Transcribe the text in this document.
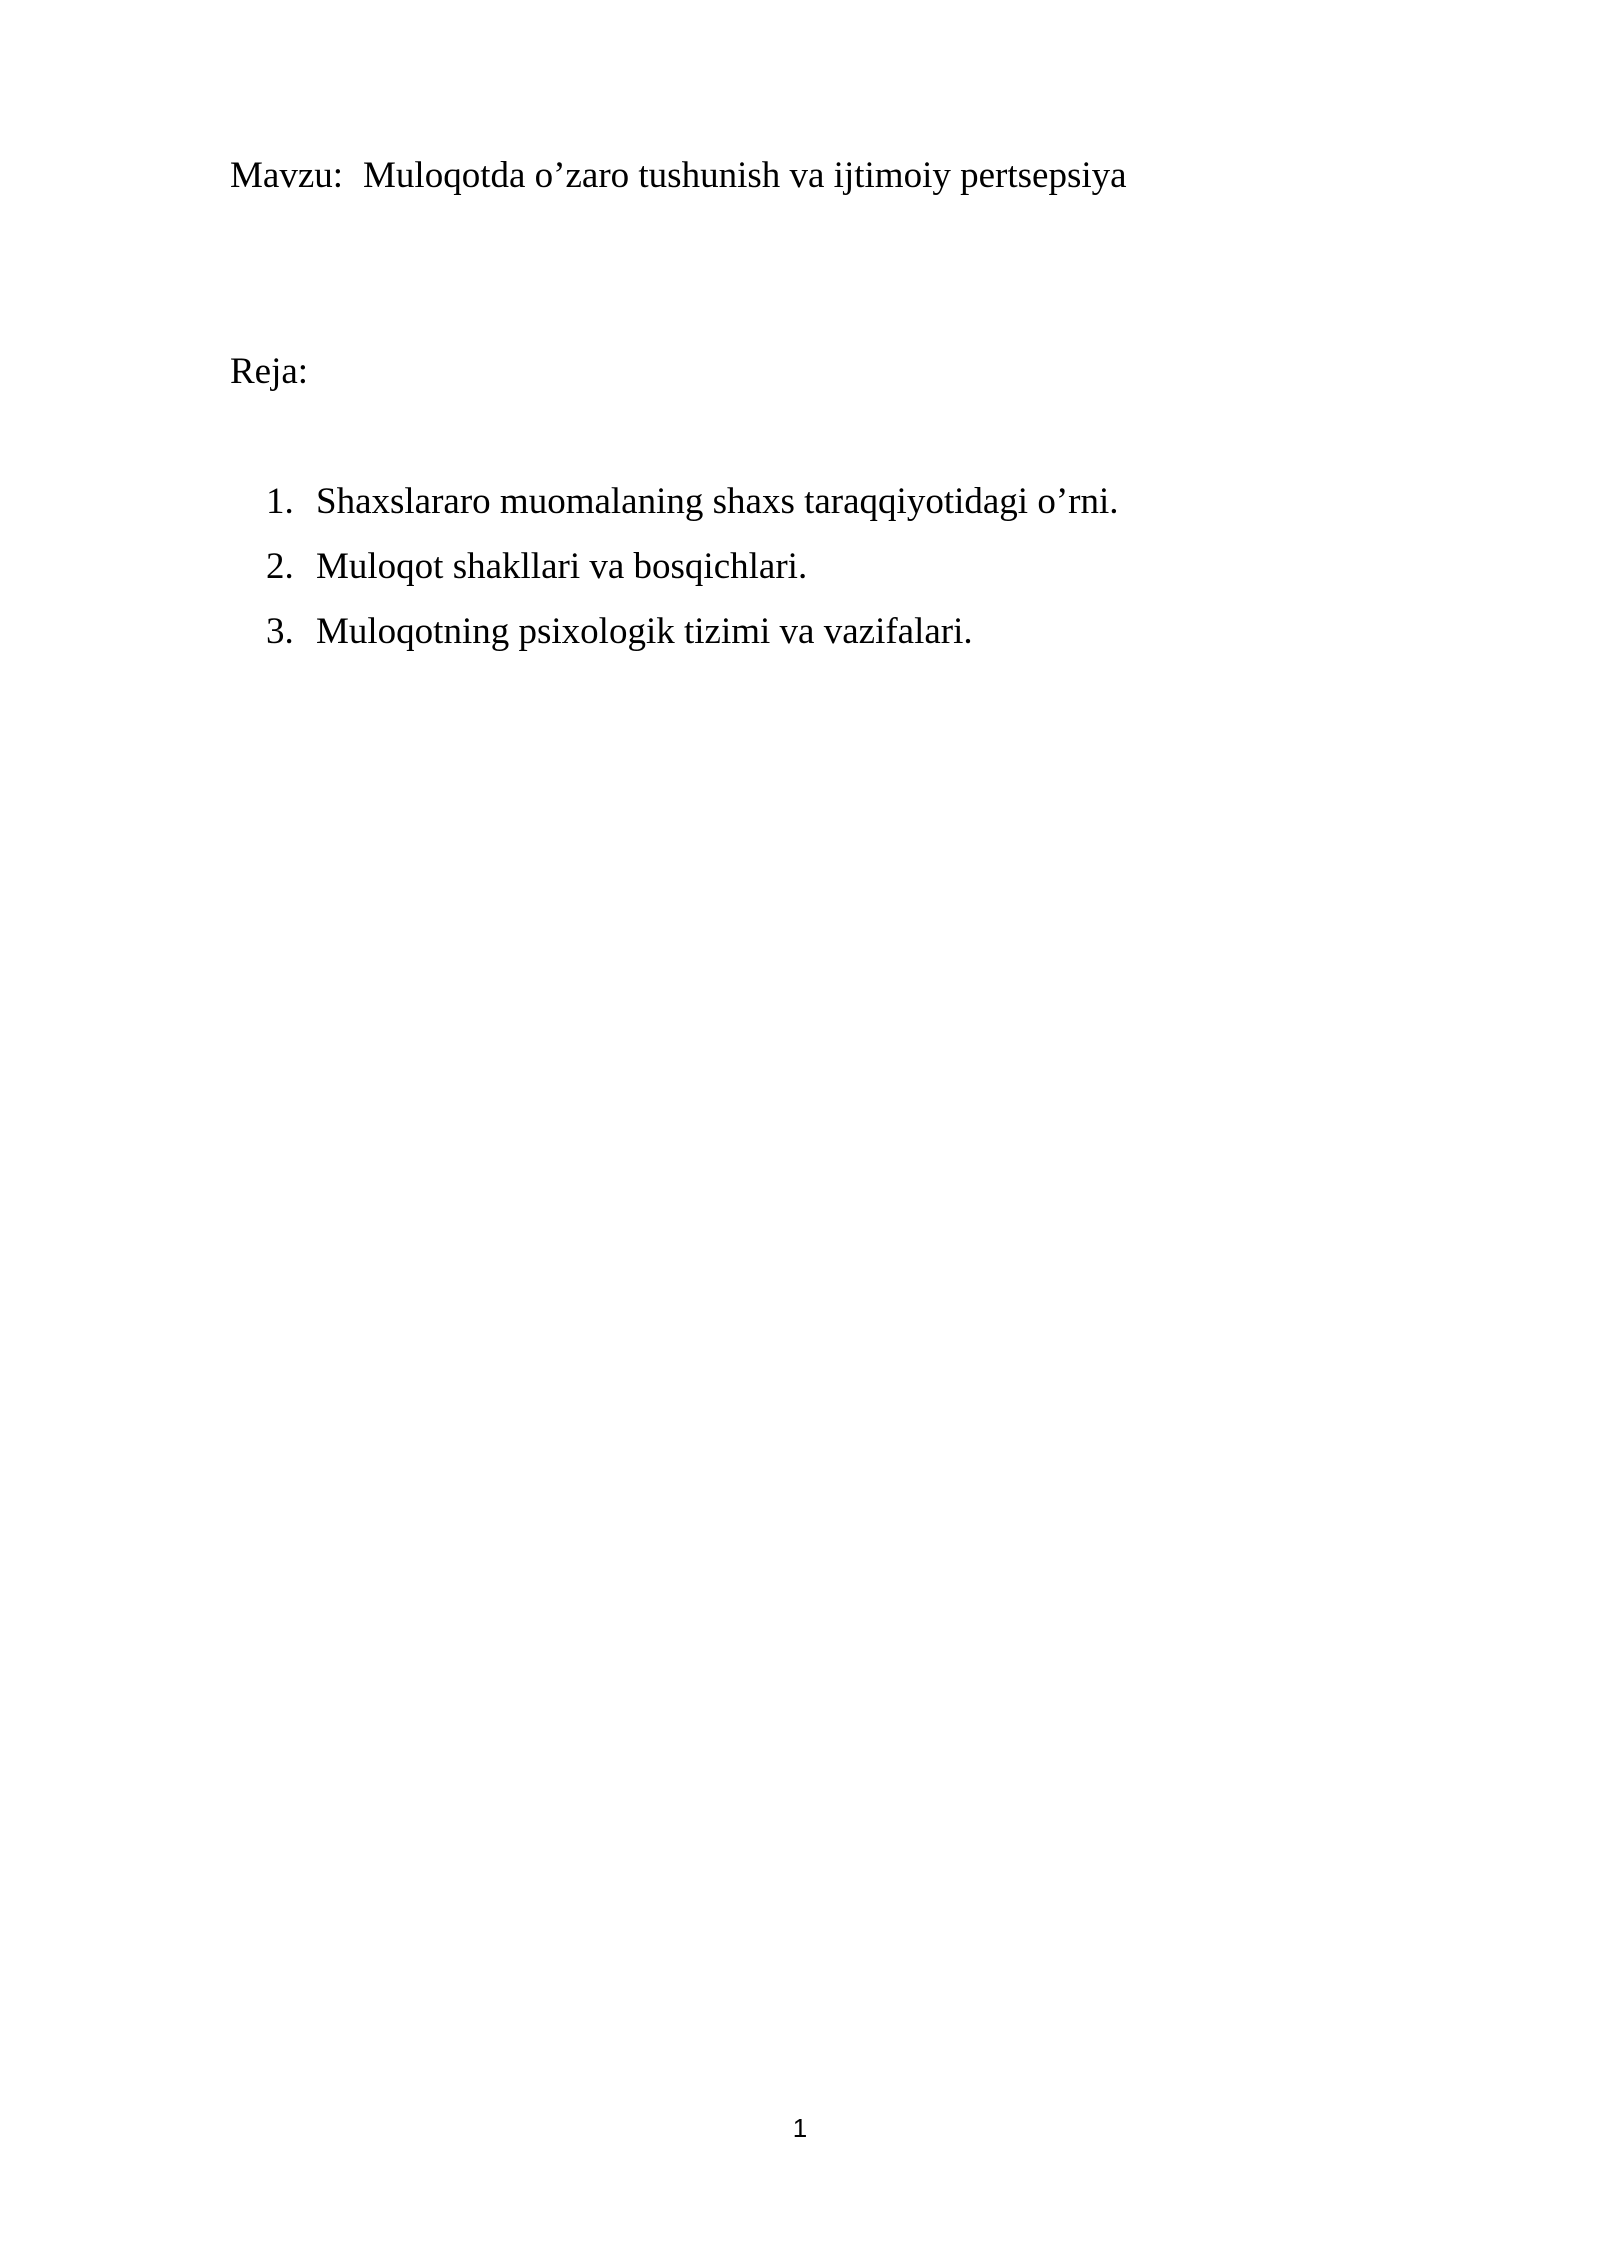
Mavzu: Muloqotda o’zaro tushunish va ijtimoiy pertsepsiya
Reja:
1. Shaxslararo muomalaning shaxs taraqqiyotidagi o’rni.
2. Muloqot shakllari va bosqichlari.
3. Muloqotning psixologik tizimi va vazifalari.
1
